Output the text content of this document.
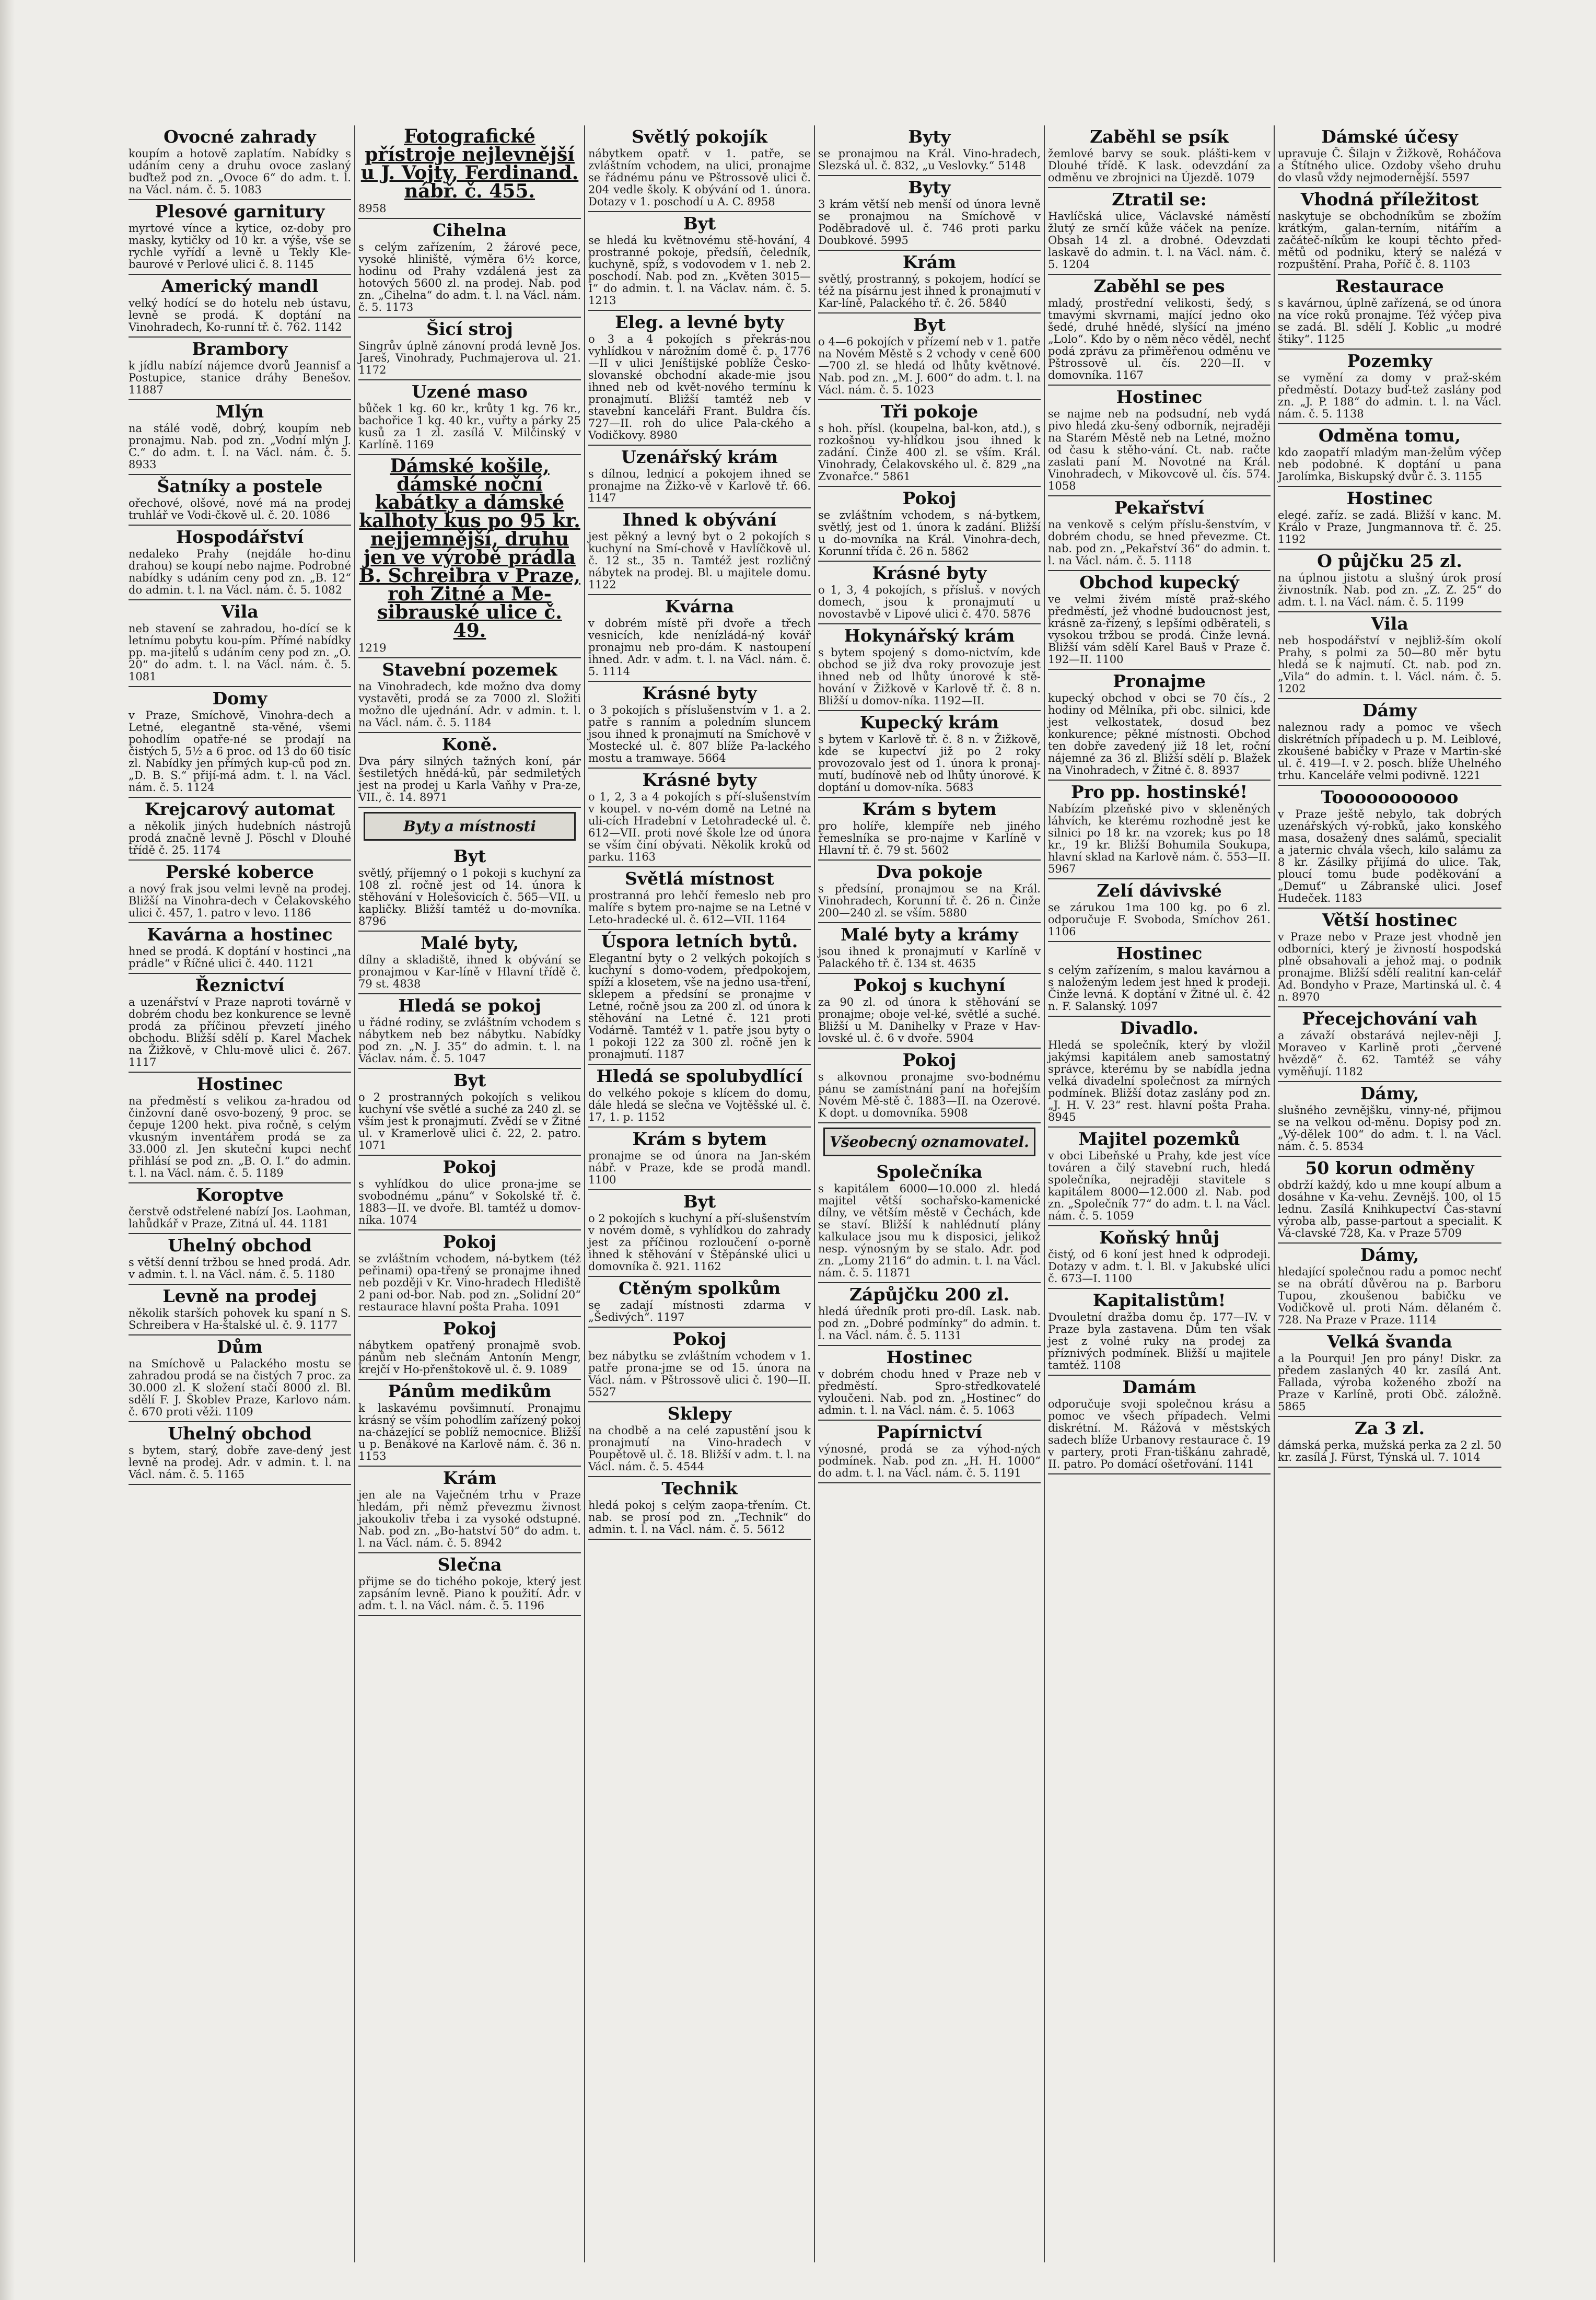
Ovocné zahrady

koupím a hotově zaplatím. Nabídky s udáním ceny a druhu ovoce zaslaný buďtež pod zn. „Ovoce 6“ do adm. t. l. na Václ. nám. č. 5. 1083

Plesové garnitury

myrtové vínce a kytice, oz-doby pro masky, kytičky od 10 kr. a výše, vše se rychle vyřídí a levně u Tekly Kle-baurové v Perlové ulici č. 8. 1145

Americký mandl

velký hodící se do hotelu neb ústavu, levně se prodá. K doptání na Vinohradech, Ko-runní tř. č. 762. 1142

Brambory

k jídlu nabízí nájemce dvorů Jeannisf a Postupice, stanice dráhy Benešov. 11887

Mlýn

na stálé vodě, dobrý, koupím neb pronajmu. Nab. pod zn. „Vodní mlýn J. C.“ do adm. t. l. na Václ. nám. č. 5. 8933

Šatníky a postele

ořechové, olšové, nové má na prodej truhlář ve Vodi-čkově ul. č. 20. 1086

Hospodářství

nedaleko Prahy (nejdále ho-dinu drahou) se koupí nebo najme. Podrobné nabídky s udáním ceny pod zn. „B. 12“ do admin. t. l. na Václ. nám. č. 5. 1082

Vila

neb stavení se zahradou, ho-dící se k letnímu pobytu kou-pím. Přímé nabídky pp. ma-jitelů s udáním ceny pod zn. „O. 20“ do adm. t. l. na Václ. nám. č. 5. 1081

Domy

v Praze, Smíchově, Vinohra-dech a Letné, elegantně sta-věné, všemi pohodlím opatře-né se prodají na čistých 5, 5½ a 6 proc. od 13 do 60 tisíc zl. Nabídky jen přímých kup-ců pod zn. „D. B. S.“ přijí-má adm. t. l. na Václ. nám. č. 5. 1124

Krejcarový automat

a několik jiných hudebních nástrojů prodá značně levně J. Pöschl v Dlouhé třídě č. 25. 1174

Perské koberce

a nový frak jsou velmi levně na prodej. Bližší na Vinohra-dech v Čelakovského ulici č. 457, 1. patro v levo. 1186

Kavárna a hostinec

hned se prodá. K doptání v hostinci „na prádle“ v Říčné ulici č. 440. 1121

Řeznictví

a uzenářství v Praze naproti továrně v dobrém chodu bez konkurence se levně prodá za příčinou převzetí jiného obchodu. Bližší sdělí p. Karel Machek na Žižkově, v Chlu-mově ulici č. 267. 1117

Hostinec

na předměstí s velikou za-hradou od činžovní daně osvo-bozený, 9 proc. se čepuje 1200 hekt. piva ročně, s celým vkusným inventářem prodá se za 33.000 zl. Jen skuteční kupci nechť přihlásí se pod zn. „B. O. I.“ do admin. t. l. na Václ. nám. č. 5. 1189

Koroptve

čerstvě odstřelené nabízí Jos. Laohman, lahůdkář v Praze, Zitná ul. 44. 1181

Uhelný obchod

s větší denní tržbou se hned prodá. Adr. v admin. t. l. na Václ. nám. č. 5. 1180

Levně na prodej

několik starších pohovek ku spaní n S. Schreibera v Ha-štalské ul. č. 9. 1177

Dům

na Smíchově u Palackého mostu se zahradou prodá se na čistých 7 proc. za 30.000 zl. K složení stačí 8000 zl. Bl. sdělí F. J. Škoblev Praze, Karlovo nám. č. 670 proti věži. 1109

Uhelný obchod

s bytem, starý, dobře zave-dený jest levně na prodej. Adr. v admin. t. l. na Václ. nám. č. 5. 1165

Fotografické přístroje nejlevnější u J. Vojty, Ferdinand. nábř. č. 455.

8958

Cihelna

s celým zařízením, 2 žárové pece, vysoké hliniště, výměra 6½ korce, hodinu od Prahy vzdálená jest za hotových 5600 zl. na prodej. Nab. pod zn. „Cihelna“ do adm. t. l. na Václ. nám. č. 5. 1173

Šicí stroj

Singrův úplně zánovní prodá levně Jos. Jareš, Vinohrady, Puchmajerova ul. 21. 1172

Uzené maso

bůček 1 kg. 60 kr., krůty 1 kg. 76 kr., bachořice 1 kg. 40 kr., vuřty a párky 25 kusů za 1 zl. zasílá V. Milčinský v Karlíně. 1169

Dámské košile, dámské noční kabátky a dámské kalhoty kus po 95 kr. nejjemnější, druhu jen ve výrobě prádla B. Schreibra v Praze, roh Žitné a Me-sibrauské ulice č. 49.

1219

Stavební pozemek

na Vinohradech, kde možno dva domy vystavěti, prodá se za 7000 zl. Složiti možno dle ujednání. Adr. v admin. t. l. na Václ. nám. č. 5. 1184

Koně.

Dva páry silných tažných koní, pár šestiletých hnědá-ků, pár sedmiletých jest na prodej u Karla Vaňhy v Pra-ze, VII., č. 14. 8971

Byty a místnosti
Byt

světlý, příjemný o 1 pokoji s kuchyní za 108 zl. ročně jest od 14. února k stěhování v Holešovicích č. 565—VII. u kapličky. Bližší tamtéž u do-movníka. 8796

Malé byty,

dílny a skladiště, ihned k obývání se pronajmou v Kar-líně v Hlavní třídě č. 79 st. 4838

Hledá se pokoj

u řádné rodiny, se zvláštním vchodem s nábytkem neb bez nábytku. Nabídky pod zn. „N. J. 35“ do admin. t. l. na Václav. nám. č. 5. 1047

Byt

o 2 prostranných pokojích s velikou kuchyní vše světlé a suché za 240 zl. se vším jest k pronajmutí. Zvědí se v Žitné ul. v Kramerlově ulici č. 22, 2. patro. 1071

Pokoj

s vyhlídkou do ulice prona-jme se svobodnému „pánu“ v Sokolské tř. č. 1883—II. ve dvoře. Bl. tamtéž u domov-níka. 1074

Pokoj

se zvláštním vchodem, ná-bytkem (též peřinami) opa-třený se pronajme ihned neb později v Kr. Vino-hradech Hlediště 2 pani od-bor. Nab. pod zn. „Solidní 20“ restaurace hlavní pošta Praha. 1091

Pokoj

nábytkem opatřený pronajmě svob. pánům neb slečnám Antonín Mengr, krejčí v Ho-přenštokově ul. č. 9. 1089

Pánům medikům

k laskavému povšimnutí. Pronajmu krásný se vším pohodlím zařízený pokoj na-cházející se poblíž nemocnice. Bližší u p. Benákové na Karlově nám. č. 36 n. 1153

Krám

jen ale na Vaječném trhu v Praze hledám, při němž převezmu živnost jakoukoliv třeba i za vysoké odstupné. Nab. pod zn. „Bo-hatství 50“ do adm. t. l. na Václ. nám. č. 5. 8942

Slečna

přijme se do tichého pokoje, který jest zapsáním levně. Piano k použití. Adr. v adm. t. l. na Václ. nám. č. 5. 1196

Světlý pokojík

nábytkem opatř. v 1. patře, se zvláštním vchodem, na ulici, pronajme se řádnému pánu ve Pštrossově ulici č. 204 vedle školy. K obývání od 1. února. Dotazy v 1. poschodí u A. C. 8958

Byt

se hledá ku květnovému stě-hování, 4 prostranné pokoje, předsíň, čeledník, kuchyně, spíž, s vodovodem v 1. neb 2. poschodí. Nab. pod zn. „Květen 3015—I“ do admin. t. l. na Václav. nám. č. 5. 1213

Eleg. a levné byty

o 3 a 4 pokojích s překrás-nou vyhlídkou v nárožním domě č. p. 1776—II v ulici Jeníštijské poblíže Česko-slovanské obchodní akade-mie jsou ihned neb od květ-nového termínu k pronajmutí. Bližší tamtéž neb v stavební kanceláři Frant. Buldra čís. 727—II. roh do ulice Pala-ckého a Vodičkovy. 8980

Uzenářský krám

s dílnou, lednicí a pokojem ihned se pronajme na Žižko-vě v Karlově tř. 66. 1147

Ihned k obývání

jest pěkný a levný byt o 2 pokojích s kuchyní na Smí-chově v Havlíčkově ul. č. 12 st., 35 n. Tamtéž jest rozličný nábytek na prodej. Bl. u majitele domu. 1122

Kvárna

v dobrém místě při dvoře a třech vesnicích, kde nenízládá-ný kovář pronajmu neb pro-dám. K nastoupení ihned. Adr. v adm. t. l. na Václ. nám. č. 5. 1114

Krásné byty

o 3 pokojích s příslušenstvím v 1. a 2. patře s ranním a poledním sluncem jsou ihned k pronajmutí na Smíchově v Mostecké ul. č. 807 blíže Pa-lackého mostu a tramwaye. 5664

Krásné byty

o 1, 2, 3 a 4 pokojích s pří-slušenstvím v koupel. v no-vém domě na Letné na uli-cích Hradební v Letohradecké ul. č. 612—VII. proti nové škole lze od února se vším činí obývati. Několik kroků od parku. 1163

Světlá místnost

prostranná pro lehčí řemeslo neb pro malíře s bytem pro-najme se na Letné v Leto-hradecké ul. č. 612—VII. 1164

Úspora letních bytů.

Elegantní byty o 2 velkých pokojích s kuchyní s domo-vodem, předpokojem, spíží a klosetem, vše na jedno usa-tření, sklepem a předsíní se pronajme v Letné, ročně jsou za 200 zl. od února k stěhování na Letné č. 121 proti Vodárně. Tamtéž v 1. patře jsou byty o 1 pokoji 122 za 300 zl. ročně jen k pronajmutí. 1187

Hledá se spolubydlící

do velkého pokoje s klícem do domu, dále hledá se slečna ve Vojtěšské ul. č. 17, 1. p. 1152

Krám s bytem

pronajme se od února na Jan-ském nábř. v Praze, kde se prodá mandl. 1100

Byt

o 2 pokojích s kuchyní a pří-slušenstvím v novém domě, s vyhlídkou do zahrady jest za příčinou rozloučení o-porně ihned k stěhování v Štěpánské ulici u domovníka č. 921. 1162

Ctěným spolkům

se zadají místnosti zdarma v „Šedivých“. 1197

Pokoj

bez nábytku se zvláštním vchodem v 1. patře prona-jme se od 15. února na Václ. nám. v Pštrossově ulici č. 190—II. 5527

Sklepy

na chodbě a na celé zapustění jsou k pronajmutí na Vino-hradech v Poupětově ul. č. 18. Bližší v adm. t. l. na Václ. nám. č. 5. 4544

Technik

hledá pokoj s celým zaopa-třením. Ct. nab. se prosí pod zn. „Technik“ do admin. t. l. na Václ. nám. č. 5. 5612

Byty

se pronajmou na Král. Vino-hradech, Slezská ul. č. 832, „u Veslovky.“ 5148

Byty

3 krám větší neb menší od února levně se pronajmou na Smíchově v Poděbradově ul. č. 746 proti parku Doubkové. 5995

Krám

světlý, prostranný, s pokojem, hodící se též na písárnu jest ihned k pronajmutí v Kar-líně, Palackého tř. č. 26. 5840

Byt

o 4—6 pokojích v přízemí neb v 1. patře na Novém Městě s 2 vchody v ceně 600—700 zl. se hledá od lhůty květnové. Nab. pod zn. „M. J. 600“ do adm. t. l. na Václ. nám. č. 5. 1023

Tři pokoje

s hoh. přísl. (koupelna, bal-kon, atd.), s rozkošnou vy-hlídkou jsou ihned k zadání. Činže 400 zl. se vším. Král. Vinohrady, Čelakovského ul. č. 829 „na Zvonařce.“ 5861

Pokoj

se zvláštním vchodem, s ná-bytkem, světlý, jest od 1. února k zadání. Bližší u do-movníka na Král. Vinohra-dech, Korunní třída č. 26 n. 5862

Krásné byty

o 1, 3, 4 pokojích, s přísluš. v nových domech, jsou k pronajmutí u novostavbě v Lipové ulici č. 470. 5876

Hokynářský krám

s bytem spojený s domo-nictvím, kde obchod se již dva roky provozuje jest ihned neb od lhůty únorové k stě-hování v Žižkově v Karlově tř. č. 8 n. Bližší u domov-níka. 1192—II.

Kupecký krám

s bytem v Karlově tř. č. 8 n. v Žižkově, kde se kupectví již po 2 roky provozovalo jest od 1. února k pronaj-mutí, budínově neb od lhůty únorové. K doptání u domov-níka. 5683

Krám s bytem

pro holíře, klempíře neb jiného řemeslníka se pro-najme v Karlíně v Hlavní tř. č. 79 st. 5602

Dva pokoje

s předsíní, pronajmou se na Král. Vinohradech, Korunní tř. č. 26 n. Činže 200—240 zl. se vším. 5880

Malé byty a krámy

jsou ihned k pronajmutí v Karlíně v Palackého tř. č. 134 st. 4635

Pokoj s kuchyní

za 90 zl. od února k stěhování se pronajme; oboje vel-ké, světlé a suché. Bližší u M. Danihelky v Praze v Hav-lovské ul. č. 6 v dvoře. 5904

Pokoj

s alkovnou pronajme svo-bodnému pánu se zamístnání paní na hořejším Novém Mě-stě č. 1883—II. na Ozerové. K dopt. u domovníka. 5908

Všeobecný oznamovatel.
Společníka

s kapitálem 6000—10.000 zl. hledá majitel větší sochařsko-kamenické dílny, ve větším městě v Čechách, kde se staví. Bližší k nahlédnutí plány kalkulace jsou mu k disposici, jelikož nesp. výnosným by se stalo. Adr. pod zn. „Lomy 2116“ do admin. t. l. na Václ. nám. č. 5. 11871

Zápůjčku 200 zl.

hledá úředník proti pro-díl. Lask. nab. pod zn. „Dobré podmínky“ do admin. t. l. na Václ. nám. č. 5. 1131

Hostinec

v dobrém chodu hned v Praze neb v předměstí. Spro-středkovatelé vyloučeni. Nab. pod zn. „Hostinec“ do admin. t. l. na Václ. nám. č. 5. 1063

Papírnictví

výnosné, prodá se za výhod-ných podmínek. Nab. pod zn. „H. H. 1000“ do adm. t. l. na Václ. nám. č. 5. 1191

Zaběhl se psík

žemlové barvy se souk. plášti-kem v Dlouhé třídě. K lask. odevzdání za odměnu ve zbrojnici na Újezdě. 1079

Ztratil se:

Havlíčská ulice, Václavské náměstí žlutý ze srnčí kůže váček na peníze. Obsah 14 zl. a drobné. Odevzdati laskavě do admin. t. l. na Václ. nám. č. 5. 1204

Zaběhl se pes

mladý, prostřední velikosti, šedý, s tmavými skvrnami, mající jedno oko šedé, druhé hnědé, slyšící na jméno „Lolo“. Kdo by o něm něco věděl, nechť podá zprávu za přiměřenou odměnu ve Pštrossově ul. čís. 220—II. v domovníka. 1167

Hostinec

se najme neb na podsudní, neb vydá pivo hledá zku-šený odborník, nejraději na Starém Městě neb na Letné, možno od času k stěho-vání. Ct. nab. račte zaslati paní M. Novotné na Král. Vinohradech, v Mikovcově ul. čís. 574. 1058

Pekařství

na venkově s celým příslu-šenstvím, v dobrém chodu, se hned převezme. Ct. nab. pod zn. „Pekařství 36“ do admin. t. l. na Václ. nám. č. 5. 1118

Obchod kupecký

ve velmi živém místě praž-ského předměstí, jež vhodné budoucnost jest, krásně za-řízený, s lepšími odběrateli, s vysokou tržbou se prodá. Činže levná. Bližší vám sdělí Karel Bauš v Praze č. 192—II. 1100

Pronajme

kupecký obchod v obci se 70 čís., 2 hodiny od Mělníka, při obc. silnici, kde jest velkostatek, dosud bez konkurence; pěkné místnosti. Obchod ten dobře zavedený již 18 let, roční nájemné za 36 zl. Bližší sdělí p. Blažek na Vinohradech, v Žitné č. 8. 8937

Pro pp. hostinské!

Nabízím plzeňské pivo v skleněných láhvích, ke kterému rozhodně jest ke silnici po 18 kr. na vzorek; kus po 18 kr., 19 kr. Bližší Bohumila Soukupa, hlavní sklad na Karlově nám. č. 553—II. 5967

Zelí dávivské

se zárukou 1ma 100 kg. po 6 zl. odporučuje F. Svoboda, Smíchov 261. 1106

Hostinec

s celým zařízením, s malou kavárnou a s naloženým ledem jest hned k prodeji. Činže levná. K doptání v Žitné ul. č. 42 n. F. Salanský. 1097

Divadlo.

Hledá se společník, který by vložil jakýmsi kapitálem aneb samostatný správce, kterému by se nabídla jedna velká divadelní společnost za mírných podmínek. Bližší dotaz zaslány pod zn. „J. H. V. 23“ rest. hlavní pošta Praha. 8945

Majitel pozemků

v obci Libeňské u Prahy, kde jest více továren a čilý stavební ruch, hledá společníka, nejraději stavitele s kapitálem 8000—12.000 zl. Nab. pod zn. „Společník 77“ do adm. t. l. na Václ. nám. č. 5. 1059

Koňský hnůj

čistý, od 6 koní jest hned k odprodeji. Dotazy v adm. t. l. Bl. v Jakubské ulici č. 673—I. 1100

Kapitalistům!

Dvouletní dražba domu čp. 177—IV. v Praze byla zastavena. Dům ten však jest z volné ruky na prodej za příznivých podmínek. Bližší u majitele tamtéž. 1108

Damám

odporučuje svoji společnou krásu a pomoc ve všech případech. Velmi diskrétní. M. Rážová v městských sadech blíže Urbanovy restaurace č. 19 v partery, proti Fran-tiškánu zahradě, II. patro. Po domácí ošetřování. 1141

Dámské účesy

upravuje Č. Šilajn v Žižkově, Roháčova a Štítného ulice. Ozdoby všeho druhu do vlasů vždy nejmodernější. 5597

Vhodná příležitost

naskytuje se obchodníkům se zbožím krátkým, galan-terním, nitářím a začáteč-níkům ke koupi těchto před-mětů od podniku, který se nalézá v rozpuštění. Praha, Poříč č. 8. 1103

Restaurace

s kavárnou, úplně zařízená, se od února na více roků pronajme. Též výčep piva se zadá. Bl. sdělí J. Koblic „u modré štiky“. 1125

Pozemky

se vymění za domy v praž-ském předměstí. Dotazy buď-tež zaslány pod zn. „J. P. 188“ do admin. t. l. na Václ. nám. č. 5. 1138

Odměna tomu,

kdo zaopatří mladým man-želům výčep neb podobné. K doptání u pana Jarolímka, Biskupský dvůr č. 3. 1155

Hostinec

elegé. zaříz. se zadá. Bližší v kanc. M. Králo v Praze, Jungmannova tř. č. 25. 1192

O půjčku 25 zl.

na úplnou jistotu a slušný úrok prosí živnostník. Nab. pod zn. „Z. Z. 25“ do adm. t. l. na Václ. nám. č. 5. 1199

Vila

neb hospodářství v nejbliž-ším okolí Prahy, s polmi za 50—80 měr bytu hledá se k najmutí. Ct. nab. pod zn. „Vila“ do admin. t. l. Václ. nám. č. 5. 1202

Dámy

naleznou rady a pomoc ve všech diskrétních případech u p. M. Leiblové, zkoušené babičky v Praze v Martin-ské ul. č. 419—I. v 2. posch. blíže Uhelného trhu. Kanceláře velmi podivně. 1221

Tooooooooooo

v Praze ještě nebylo, tak dobrých uzenářských vý-robků, jako konského masa, dosažený dnes salámů, specialit a jaternic chvála všech, kilo salámu za 8 kr. Zásilky přijímá do ulice. Tak, ploucí tomu bude poděkování a „Demuť“ u Zábranské ulici. Josef Hudeček. 1183

Větší hostinec

v Praze nebo v Praze jest vhodně jen odborníci, který je živností hospodská plně obsahovali a jehož maj. o podnik pronajme. Bližší sdělí realitní kan-celář Ad. Bondyho v Praze, Martinská ul. č. 4 n. 8970

Přecejchování vah

a závaží obstarává nejlev-něji J. Moraveo v Karlině proti „červené hvězdě“ č. 62. Tamtéž se váhy vyměňují. 1182

Dámy,

slušného zevnějšku, vinny-né, přijmou se na velkou od-měnu. Dopisy pod zn. „Vý-dělek 100“ do adm. t. l. na Václ. nám. č. 5. 8534

50 korun odměny

obdrží každý, kdo u mne koupí album a dosáhne v Ka-vehu. Zevnějš. 100, ol 15 lednu. Zasílá Knihkupectví Čas-stavní výroba alb, passe-partout a specialit. K Vá-clavské 728, Ka. v Praze 5709

Dámy,

hledající společnou radu a pomoc nechť se na obrátí důvěrou na p. Barboru Tupou, zkoušenou babičku ve Vodičkově ul. proti Nám. dělaném č. 728. Na Praze v Praze. 1114

Velká švanda

a la Pourqui! Jen pro pány! Diskr. za předem zaslaných 40 kr. zasílá Ant. Fallada, výroba koženého zboží na Praze v Karlíně, proti Obč. záložně. 5865

Za 3 zl.

dámská perka, mužská perka za 2 zl. 50 kr. zasílá J. Fürst, Týnská ul. 7. 1014
